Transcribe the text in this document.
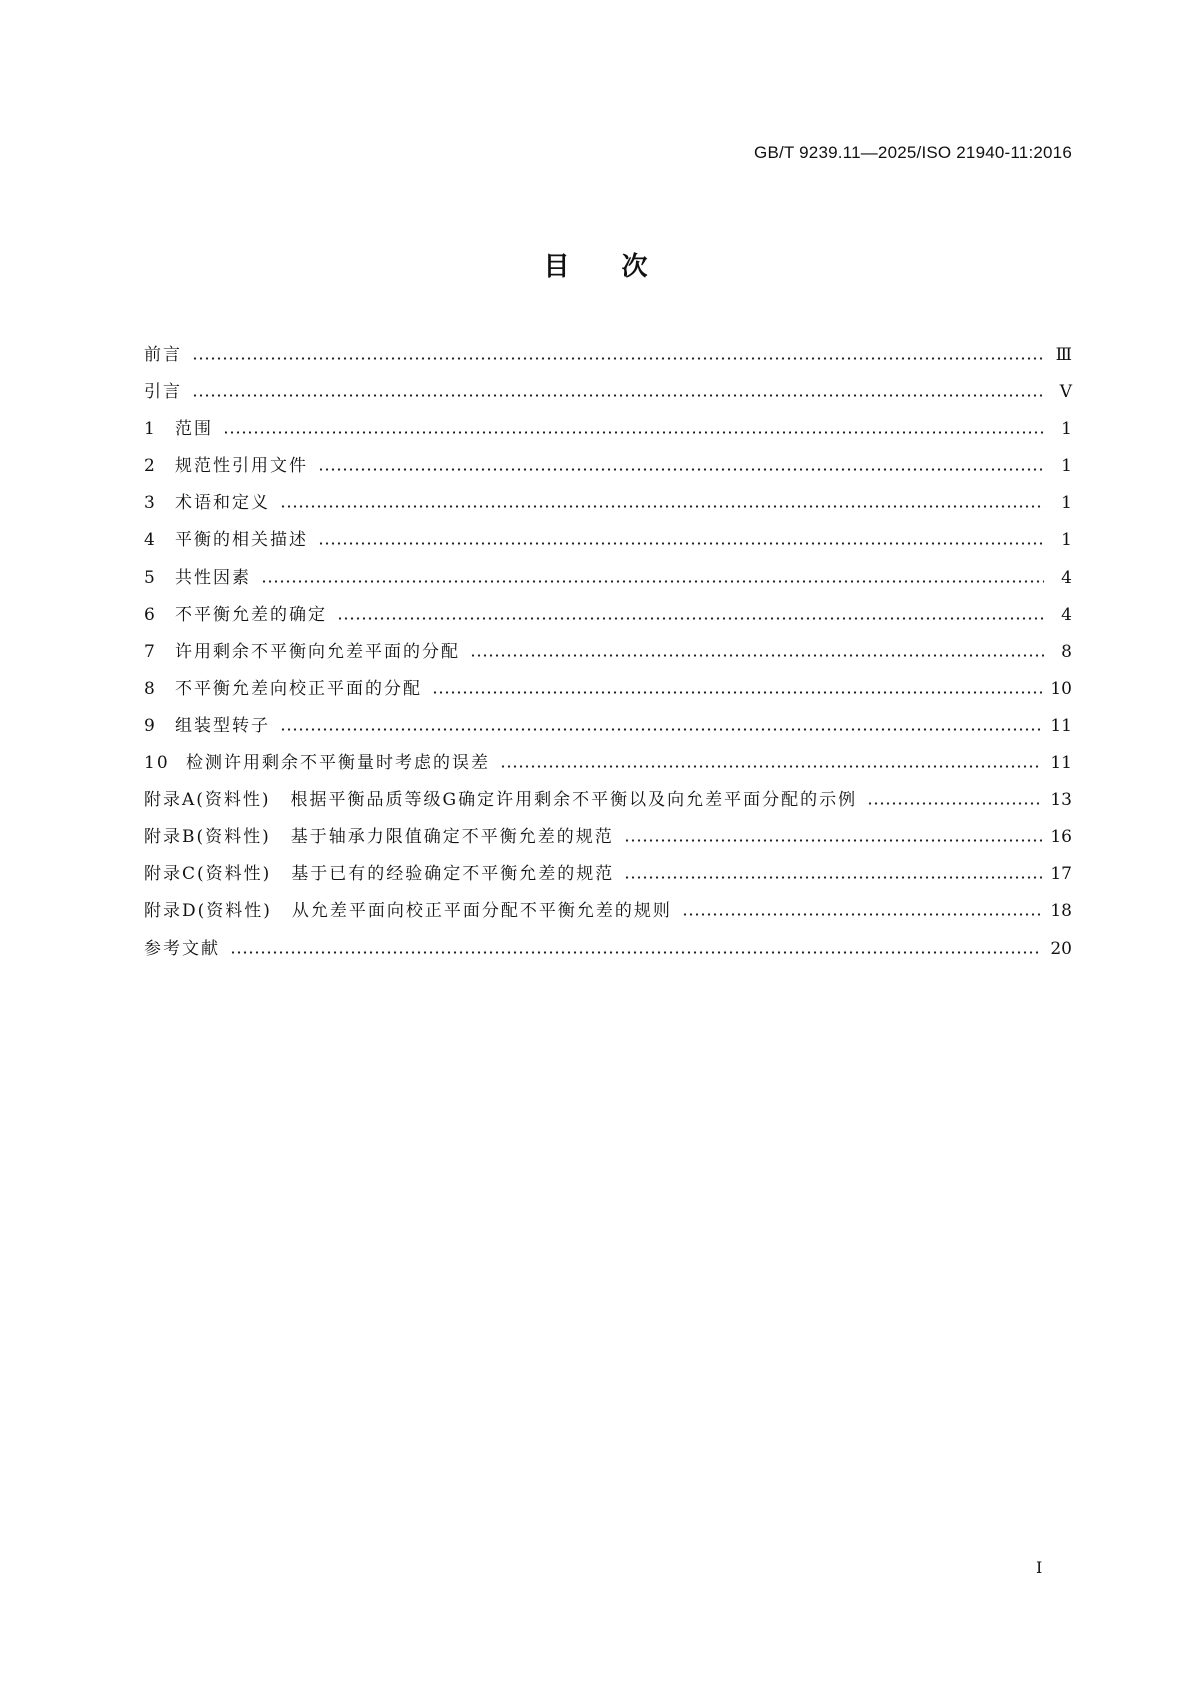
GB/T 9239.11—2025/ISO 21940-11:2016
目次
前言	Ⅲ
引言	Ⅴ
1	范围	1
2	规范性引用文件	1
3	术语和定义	1
4	平衡的相关描述	1
5	共性因素	4
6	不平衡允差的确定	4
7	许用剩余不平衡向允差平面的分配	8
8	不平衡允差向校正平面的分配	10
9	组装型转子	11
10 检测许用剩余不平衡量时考虑的误差	11
附录A(资料性) 根据平衡品质等级G确定许用剩余不平衡以及向允差平面分配的示例	13
附录B(资料性) 基于轴承力限值确定不平衡允差的规范	16
附录C(资料性) 基于已有的经验确定不平衡允差的规范	17
附录D(资料性) 从允差平面向校正平面分配不平衡允差的规则	18
参考文献	20
I
